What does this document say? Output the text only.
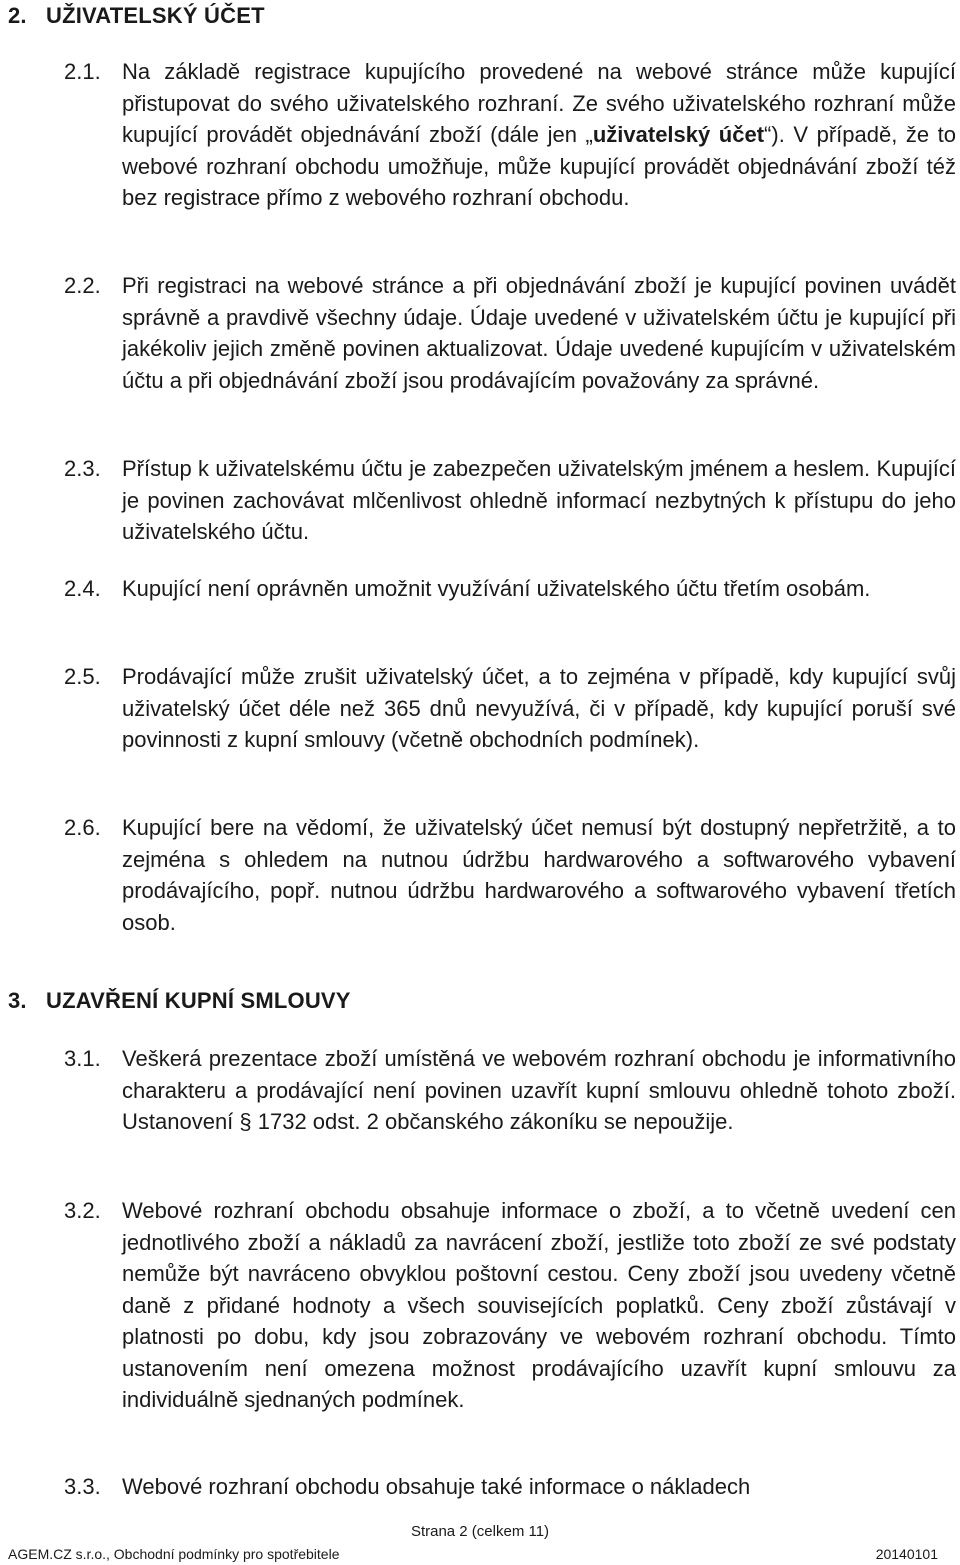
2. UŽIVATELSKÝ ÚČET
2.1. Na základě registrace kupujícího provedené na webové stránce může kupující přistupovat do svého uživatelského rozhraní. Ze svého uživatelského rozhraní může kupující provádět objednávání zboží (dále jen „uživatelský účet“). V případě, že to webové rozhraní obchodu umožňuje, může kupující provádět objednávání zboží též bez registrace přímo z webového rozhraní obchodu.

2.2. Při registraci na webové stránce a při objednávání zboží je kupující povinen uvádět správně a pravdivě všechny údaje. Údaje uvedené v uživatelském účtu je kupující při jakékoliv jejich změně povinen aktualizovat. Údaje uvedené kupujícím v uživatelském účtu a při objednávání zboží jsou prodávajícím považovány za správné.

2.3. Přístup k uživatelskému účtu je zabezpečen uživatelským jménem a heslem. Kupující je povinen zachovávat mlčenlivost ohledně informací nezbytných k přístupu do jeho uživatelského účtu.

2.4. Kupující není oprávněn umožnit využívání uživatelského účtu třetím osobám.

2.5. Prodávající může zrušit uživatelský účet, a to zejména v případě, kdy kupující svůj uživatelský účet déle než 365 dnů nevyužívá, či v případě, kdy kupující poruší své povinnosti z kupní smlouvy (včetně obchodních podmínek).

2.6. Kupující bere na vědomí, že uživatelský účet nemusí být dostupný nepřetržitě, a to zejména s ohledem na nutnou údržbu hardwarového a softwarového vybavení prodávajícího, popř. nutnou údržbu hardwarového a softwarového vybavení třetích osob.

3. UZAVŘENÍ KUPNÍ SMLOUVY
3.1. Veškerá prezentace zboží umístěná ve webovém rozhraní obchodu je informativního charakteru a prodávající není povinen uzavřít kupní smlouvu ohledně tohoto zboží. Ustanovení § 1732 odst. 2 občanského zákoníku se nepoužije.

3.2. Webové rozhraní obchodu obsahuje informace o zboží, a to včetně uvedení cen jednotlivého zboží a nákladů za navrácení zboží, jestliže toto zboží ze své podstaty nemůže být navráceno obvyklou poštovní cestou. Ceny zboží jsou uvedeny včetně daně z přidané hodnoty a všech souvisejících poplatků. Ceny zboží zůstávají v platnosti po dobu, kdy jsou zobrazovány ve webovém rozhraní obchodu. Tímto ustanovením není omezena možnost prodávajícího uzavřít kupní smlouvu za individuálně sjednaných podmínek.

3.3. Webové rozhraní obchodu obsahuje také informace o nákladech

Strana 2 (celkem 11)
AGEM.CZ s.r.o., Obchodní podmínky pro spotřebitele	20140101
